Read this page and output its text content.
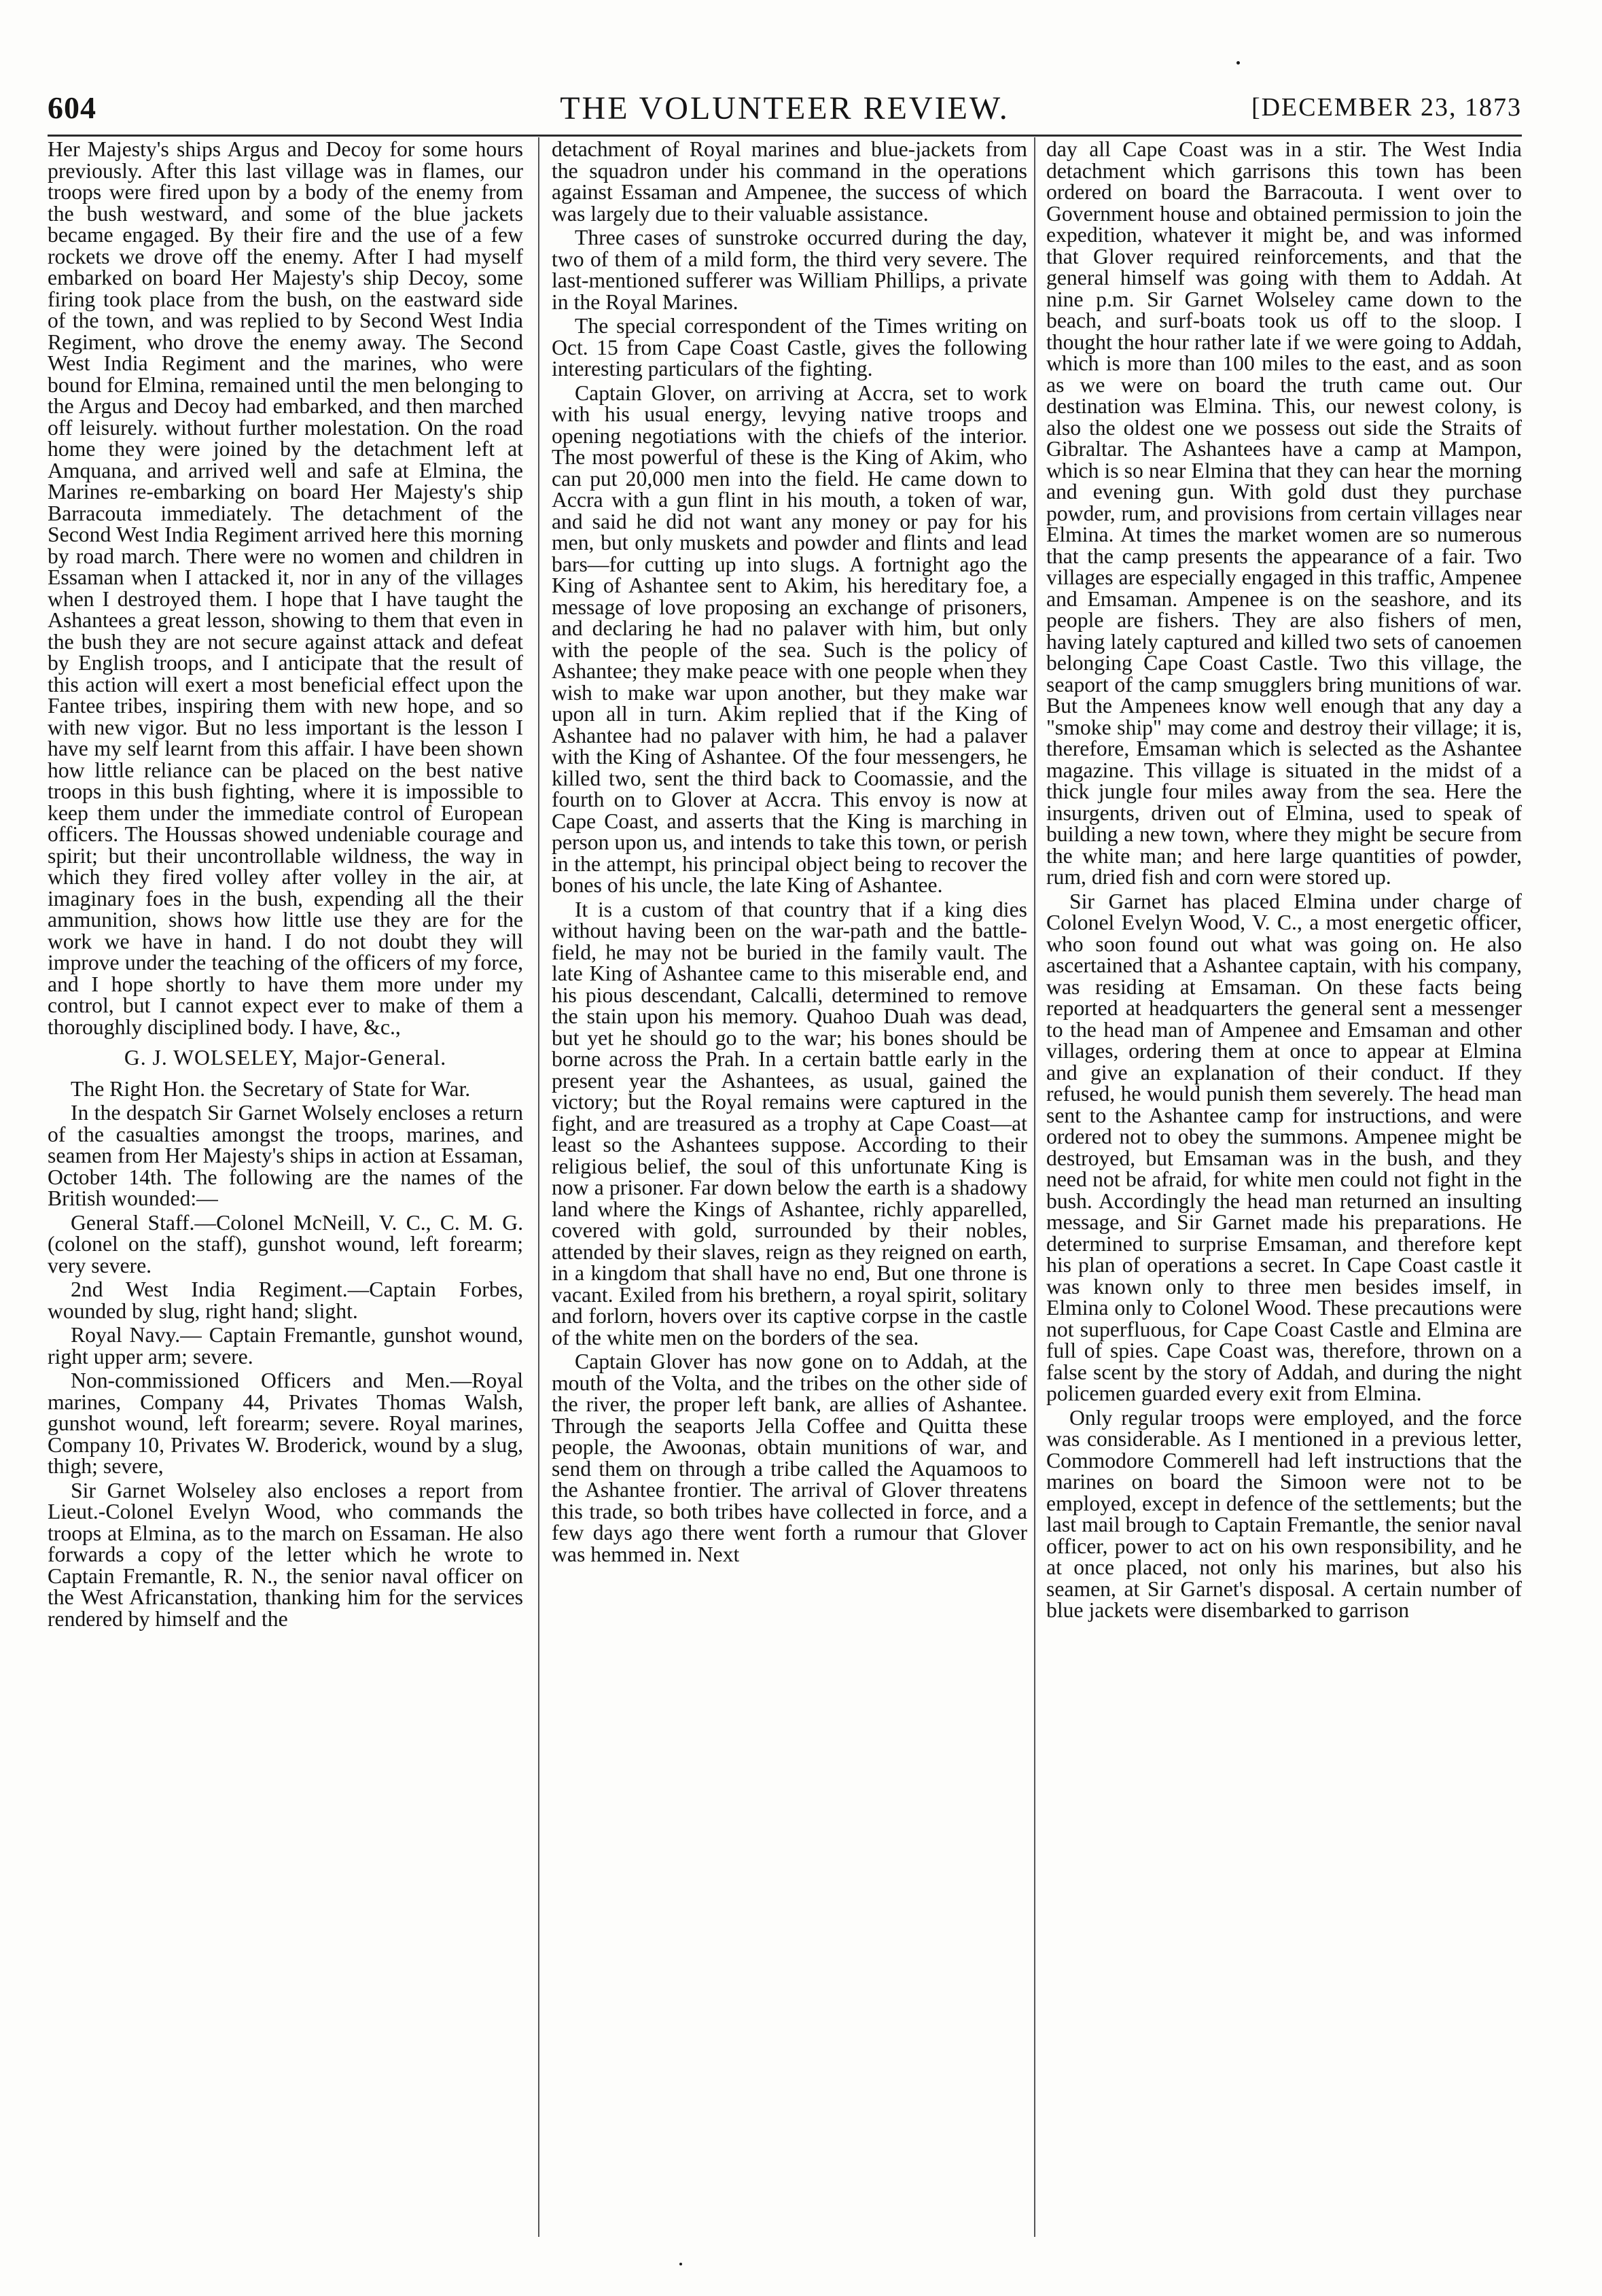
604	THE VOLUNTEER REVIEW.	[DECEMBER 23, 1873

Her Majesty's ships Argus and Decoy for some hours previously. After this last village was in flames, our troops were fired upon by a body of the enemy from the bush westward, and some of the blue jackets became engaged. By their fire and the use of a few rockets we drove off the enemy. After I had myself embarked on board Her Majesty's ship Decoy, some firing took place from the bush, on the eastward side of the town, and was replied to by Second West India Regiment, who drove the enemy away. The Second West India Regiment and the marines, who were bound for Elmina, remained until the men belonging to the Argus and Decoy had embarked, and then marched off leisurely. without further molestation. On the road home they were joined by the detachment left at Amquana, and arrived well and safe at Elmina, the Marines re-embarking on board Her Majesty's ship Barracouta immediately. The detachment of the Second West India Regiment arrived here this morning by road march. There were no women and children in Essaman when I attacked it, nor in any of the villages when I destroyed them. I hope that I have taught the Ashantees a great lesson, showing to them that even in the bush they are not secure against attack and defeat by English troops, and I anticipate that the result of this action will exert a most beneficial effect upon the Fantee tribes, inspiring them with new hope, and so with new vigor. But no less important is the lesson I have my self learnt from this affair. I have been shown how little reliance can be placed on the best native troops in this bush fighting, where it is impossible to keep them under the immediate control of European officers. The Houssas showed undeniable courage and spirit; but their uncontrollable wildness, the way in which they fired volley after volley in the air, at imaginary foes in the bush, expending all the their ammunition, shows how little use they are for the work we have in hand. I do not doubt they will improve under the teaching of the officers of my force, and I hope shortly to have them more under my control, but I cannot expect ever to make of them a thoroughly disciplined body. I have, &c.,

G. J. WOLSELEY, Major-General.

The Right Hon. the Secretary of State for War.

In the despatch Sir Garnet Wolsely encloses a return of the casualties amongst the troops, marines, and seamen from Her Majesty's ships in action at Essaman, October 14th. The following are the names of the British wounded:—

General Staff.—Colonel McNeill, V. C., C. M. G. (colonel on the staff), gunshot wound, left forearm; very severe.

2nd West India Regiment.—Captain Forbes, wounded by slug, right hand; slight.

Royal Navy.— Captain Fremantle, gunshot wound, right upper arm; severe.

Non-commissioned Officers and Men.—Royal marines, Company 44, Privates Thomas Walsh, gunshot wound, left forearm; severe. Royal marines, Company 10, Privates W. Broderick, wound by a slug, thigh; severe,

Sir Garnet Wolseley also encloses a report from Lieut.-Colonel Evelyn Wood, who commands the troops at Elmina, as to the march on Essaman. He also forwards a copy of the letter which he wrote to Captain Fremantle, R. N., the senior naval officer on the West Africanstation, thanking him for the services rendered by himself and the

detachment of Royal marines and blue-jackets from the squadron under his command in the operations against Essaman and Ampenee, the success of which was largely due to their valuable assistance.

Three cases of sunstroke occurred during the day, two of them of a mild form, the third very severe. The last-mentioned sufferer was William Phillips, a private in the Royal Marines.

The special correspondent of the Times writing on Oct. 15 from Cape Coast Castle, gives the following interesting particulars of the fighting.

Captain Glover, on arriving at Accra, set to work with his usual energy, levying native troops and opening negotiations with the chiefs of the interior. The most powerful of these is the King of Akim, who can put 20,000 men into the field. He came down to Accra with a gun flint in his mouth, a token of war, and said he did not want any money or pay for his men, but only muskets and powder and flints and lead bars—for cutting up into slugs. A fortnight ago the King of Ashantee sent to Akim, his hereditary foe, a message of love proposing an exchange of prisoners, and declaring he had no palaver with him, but only with the people of the sea. Such is the policy of Ashantee; they make peace with one people when they wish to make war upon another, but they make war upon all in turn. Akim replied that if the King of Ashantee had no palaver with him, he had a palaver with the King of Ashantee. Of the four messengers, he killed two, sent the third back to Coomassie, and the fourth on to Glover at Accra. This envoy is now at Cape Coast, and asserts that the King is marching in person upon us, and intends to take this town, or perish in the attempt, his principal object being to recover the bones of his uncle, the late King of Ashantee.

It is a custom of that country that if a king dies without having been on the war-path and the battle-field, he may not be buried in the family vault. The late King of Ashantee came to this miserable end, and his pious descendant, Calcalli, determined to remove the stain upon his memory. Quahoo Duah was dead, but yet he should go to the war; his bones should be borne across the Prah. In a certain battle early in the present year the Ashantees, as usual, gained the victory; but the Royal remains were captured in the fight, and are treasured as a trophy at Cape Coast—at least so the Ashantees suppose. According to their religious belief, the soul of this unfortunate King is now a prisoner. Far down below the earth is a shadowy land where the Kings of Ashantee, richly apparelled, covered with gold, surrounded by their nobles, attended by their slaves, reign as they reigned on earth, in a kingdom that shall have no end, But one throne is vacant. Exiled from his brethern, a royal spirit, solitary and forlorn, hovers over its captive corpse in the castle of the white men on the borders of the sea.

Captain Glover has now gone on to Addah, at the mouth of the Volta, and the tribes on the other side of the river, the proper left bank, are allies of Ashantee. Through the seaports Jella Coffee and Quitta these people, the Awoonas, obtain munitions of war, and send them on through a tribe called the Aquamoos to the Ashantee frontier. The arrival of Glover threatens this trade, so both tribes have collected in force, and a few days ago there went forth a rumour that Glover was hemmed in. Next

day all Cape Coast was in a stir. The West India detachment which garrisons this town has been ordered on board the Barracouta. I went over to Government house and obtained permission to join the expedition, whatever it might be, and was informed that Glover required reinforcements, and that the general himself was going with them to Addah. At nine p.m. Sir Garnet Wolseley came down to the beach, and surf-boats took us off to the sloop. I thought the hour rather late if we were going to Addah, which is more than 100 miles to the east, and as soon as we were on board the truth came out. Our destination was Elmina. This, our newest colony, is also the oldest one we possess out side the Straits of Gibraltar. The Ashantees have a camp at Mampon, which is so near Elmina that they can hear the morning and evening gun. With gold dust they purchase powder, rum, and provisions from certain villages near Elmina. At times the market women are so numerous that the camp presents the appearance of a fair. Two villages are especially engaged in this traffic, Ampenee and Emsaman. Ampenee is on the seashore, and its people are fishers. They are also fishers of men, having lately captured and killed two sets of canoemen belonging Cape Coast Castle. Two this village, the seaport of the camp smugglers bring munitions of war. But the Ampenees know well enough that any day a "smoke ship" may come and destroy their village; it is, therefore, Emsaman which is selected as the Ashantee magazine. This village is situated in the midst of a thick jungle four miles away from the sea. Here the insurgents, driven out of Elmina, used to speak of building a new town, where they might be secure from the white man; and here large quantities of powder, rum, dried fish and corn were stored up.

Sir Garnet has placed Elmina under charge of Colonel Evelyn Wood, V. C., a most energetic officer, who soon found out what was going on. He also ascertained that a Ashantee captain, with his company, was residing at Emsaman. On these facts being reported at headquarters the general sent a messenger to the head man of Ampenee and Emsaman and other villages, ordering them at once to appear at Elmina and give an explanation of their conduct. If they refused, he would punish them severely. The head man sent to the Ashantee camp for instructions, and were ordered not to obey the summons. Ampenee might be destroyed, but Emsaman was in the bush, and they need not be afraid, for white men could not fight in the bush. Accordingly the head man returned an insulting message, and Sir Garnet made his preparations. He determined to surprise Emsaman, and therefore kept his plan of operations a secret. In Cape Coast castle it was known only to three men besides imself, in Elmina only to Colonel Wood. These precautions were not superfluous, for Cape Coast Castle and Elmina are full of spies. Cape Coast was, therefore, thrown on a false scent by the story of Addah, and during the night policemen guarded every exit from Elmina.

Only regular troops were employed, and the force was considerable. As I mentioned in a previous letter, Commodore Commerell had left instructions that the marines on board the Simoon were not to be employed, except in defence of the settlements; but the last mail brough to Captain Fremantle, the senior naval officer, power to act on his own responsibility, and he at once placed, not only his marines, but also his seamen, at Sir Garnet's disposal. A certain number of blue jackets were disembarked to garrison
